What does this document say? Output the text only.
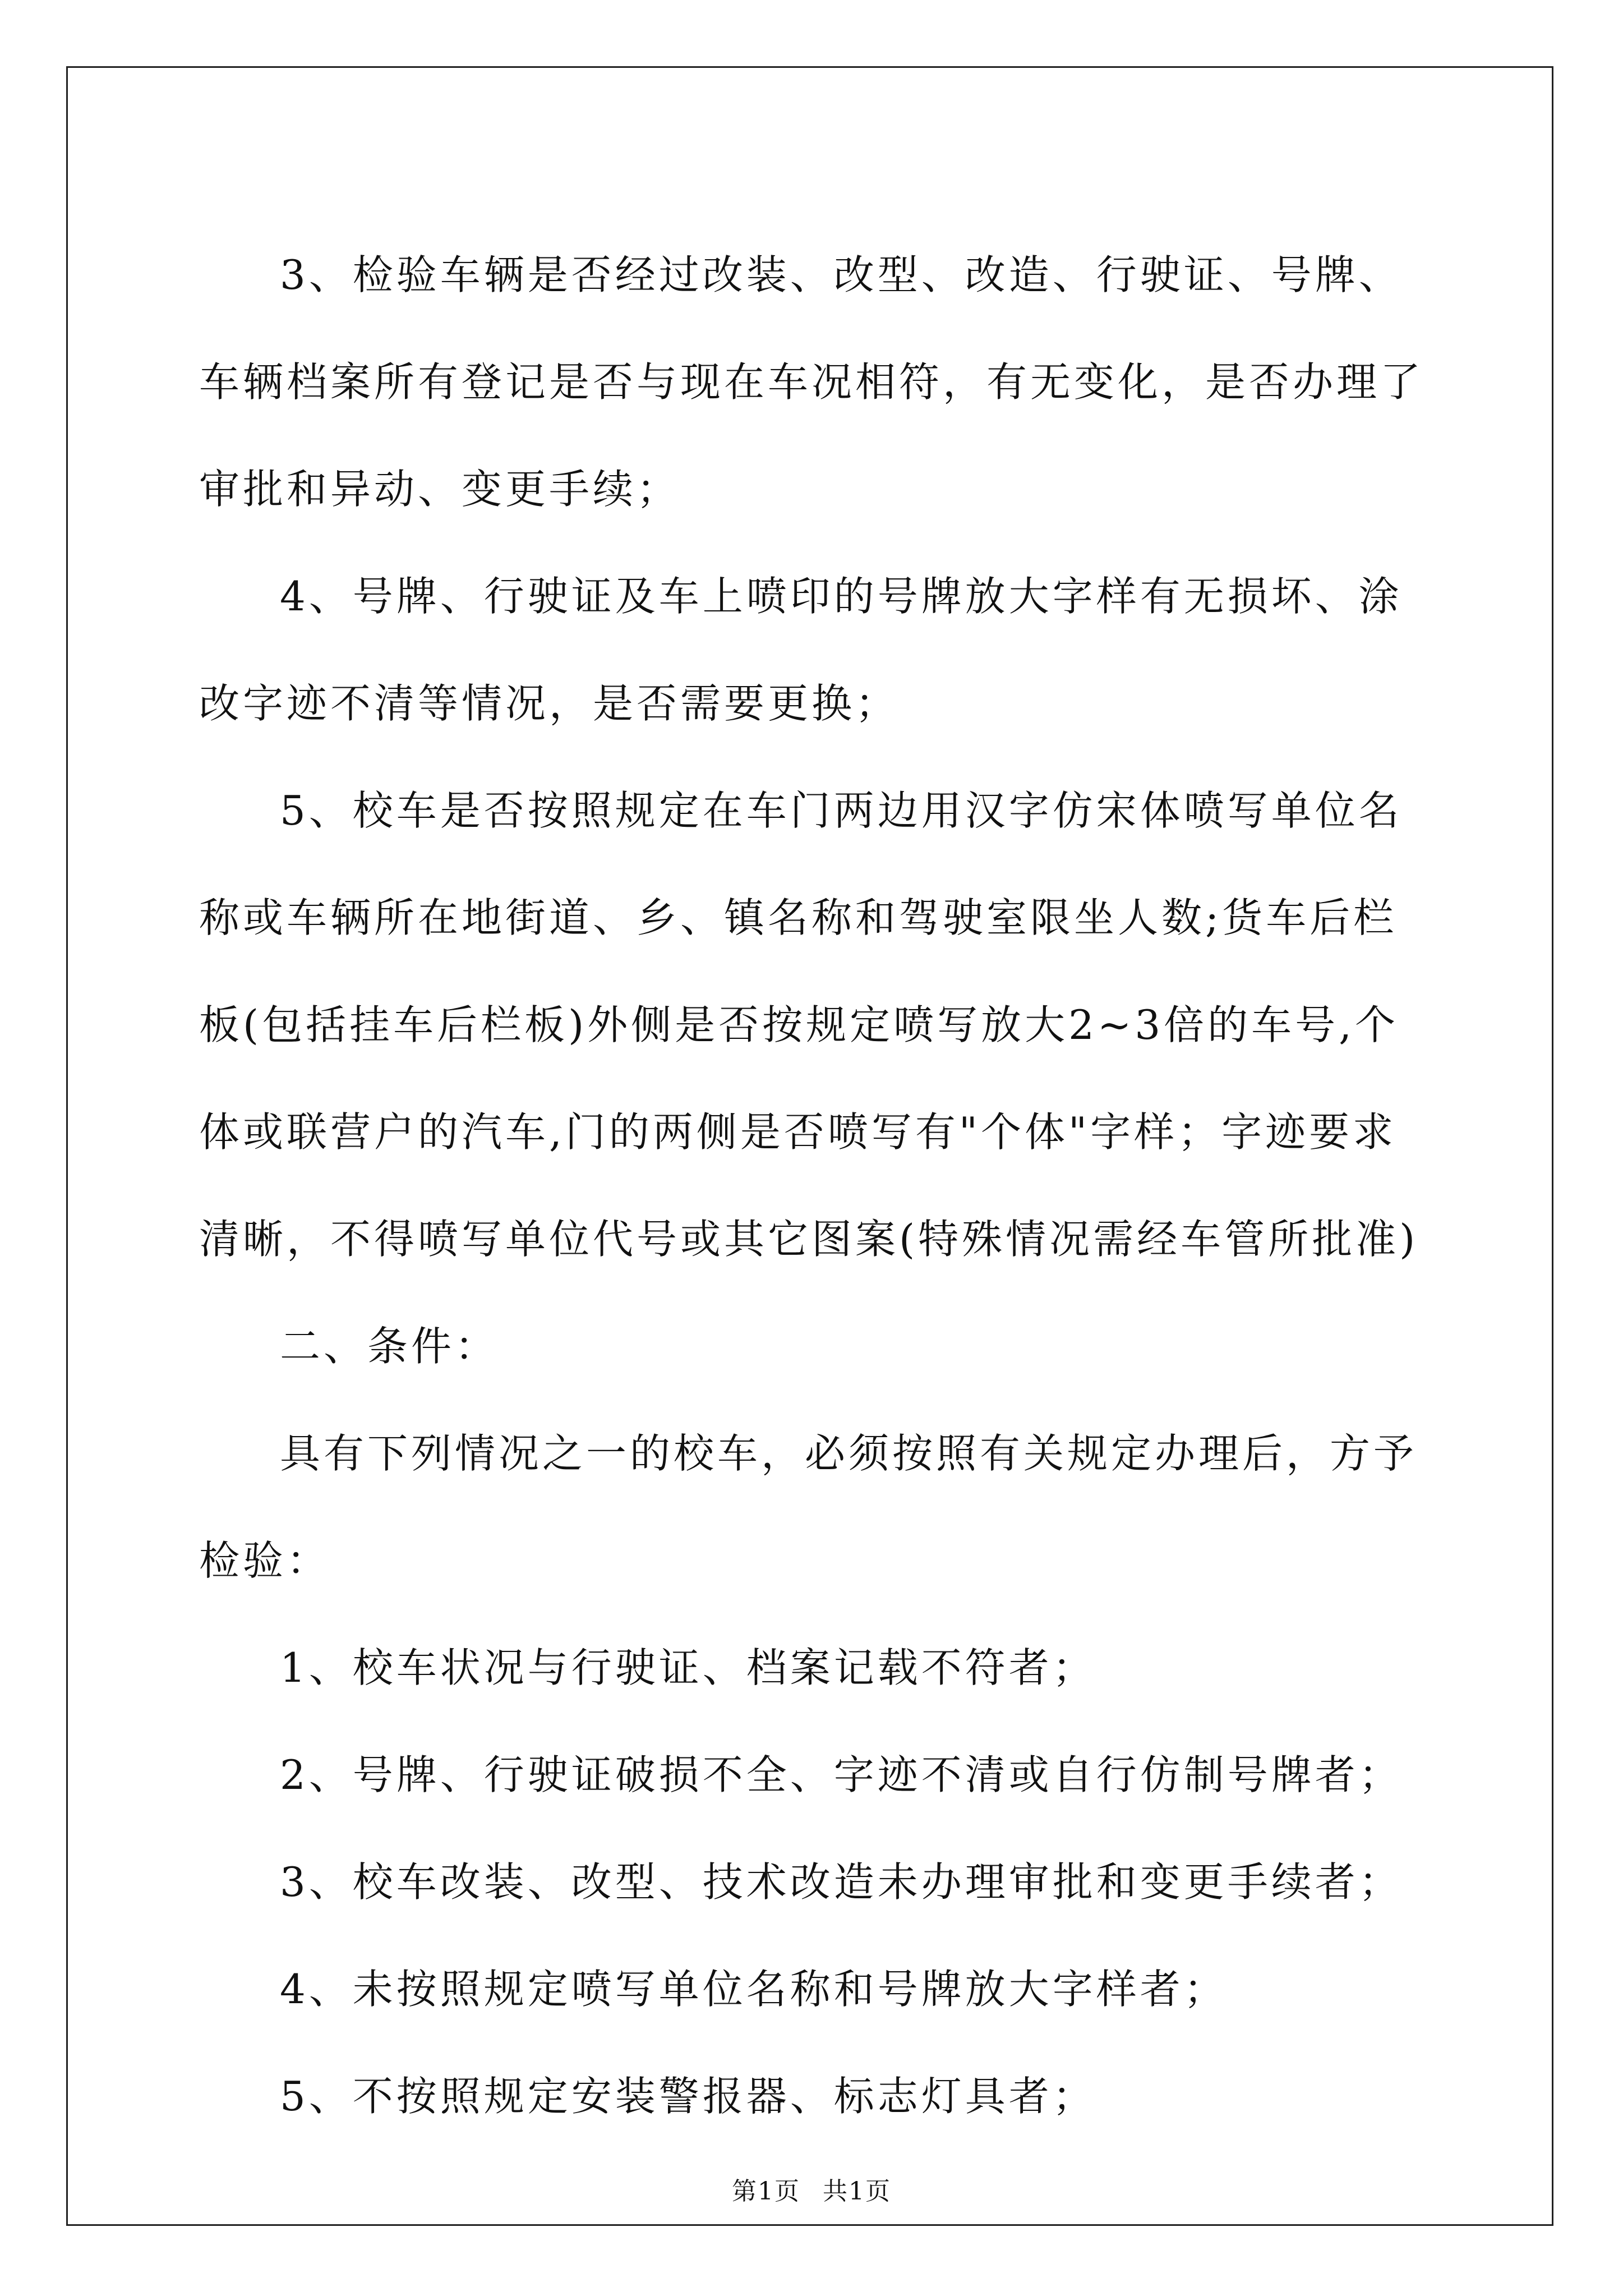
3、检验车辆是否经过改装、改型、改造、行驶证、号牌、车辆档案所有登记是否与现在车况相符，有无变化，是否办理了审批和异动、变更手续；

4、号牌、行驶证及车上喷印的号牌放大字样有无损坏、涂改字迹不清等情况，是否需要更换；

5、校车是否按照规定在车门两边用汉字仿宋体喷写单位名称或车辆所在地街道、乡、镇名称和驾驶室限坐人数;货车后栏板(包括挂车后栏板)外侧是否按规定喷写放大2~3倍的车号,个体或联营户的汽车,门的两侧是否喷写有"个体"字样；字迹要求清晰，不得喷写单位代号或其它图案(特殊情况需经车管所批准)

二、条件：

具有下列情况之一的校车，必须按照有关规定办理后，方予检验：

1、校车状况与行驶证、档案记载不符者；

2、号牌、行驶证破损不全、字迹不清或自行仿制号牌者；

3、校车改装、改型、技术改造未办理审批和变更手续者；

4、未按照规定喷写单位名称和号牌放大字样者；

5、不按照规定安装警报器、标志灯具者；

第1页 共1页
